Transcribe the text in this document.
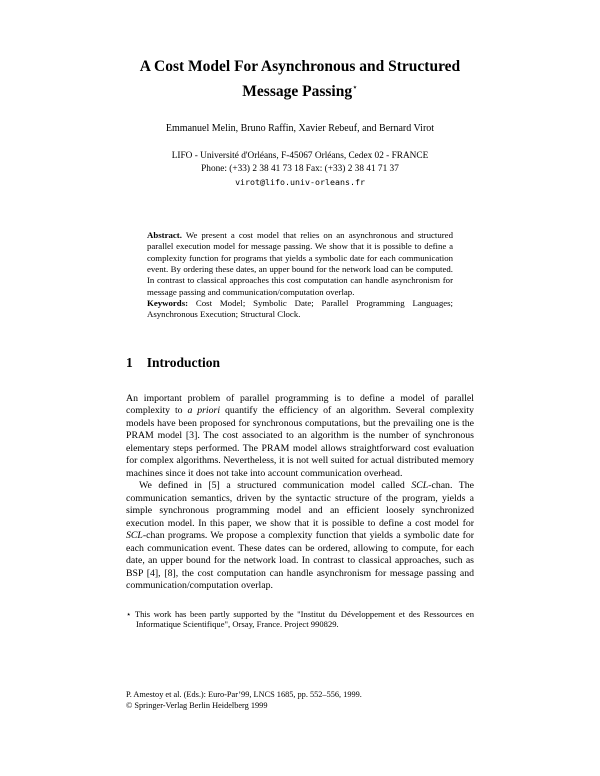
A Cost Model For Asynchronous and Structured
Message Passing⋆
Emmanuel Melin, Bruno Raffin, Xavier Rebeuf, and Bernard Virot
LIFO - Université d'Orléans, F-45067 Orléans, Cedex 02 - FRANCE
Phone: (+33) 2 38 41 73 18 Fax: (+33) 2 38 41 71 37
virot@lifo.univ-orleans.fr
Abstract. We present a cost model that relies on an asynchronous and structured parallel execution model for message passing. We show that it is possible to define a complexity function for programs that yields a symbolic date for each communication event. By ordering these dates, an upper bound for the network load can be computed. In contrast to classical approaches this cost computation can handle asynchronism for message passing and communication/computation overlap.
Keywords: Cost Model; Symbolic Date; Parallel Programming Languages; Asynchronous Execution; Structural Clock.
1 Introduction

An important problem of parallel programming is to define a model of parallel complexity to a priori quantify the efficiency of an algorithm. Several complexity models have been proposed for synchronous computations, but the prevailing one is the PRAM model [3]. The cost associated to an algorithm is the number of synchronous elementary steps performed. The PRAM model allows straightforward cost evaluation for complex algorithms. Nevertheless, it is not well suited for actual distributed memory machines since it does not take into account communication overhead.

We defined in [5] a structured communication model called SCL-chan. The communication semantics, driven by the syntactic structure of the program, yields a simple synchronous programming model and an efficient loosely synchronized execution model. In this paper, we show that it is possible to define a cost model for SCL-chan programs. We propose a complexity function that yields a symbolic date for each communication event. These dates can be ordered, allowing to compute, for each date, an upper bound for the network load. In contrast to classical approaches, such as BSP [4], [8], the cost computation can handle asynchronism for message passing and communication/computation overlap.

⋆ This work has been partly supported by the "Institut du Développement et des Ressources en Informatique Scientifique", Orsay, France. Project 990829.
P. Amestoy et al. (Eds.): Euro-Par’99, LNCS 1685, pp. 552–556, 1999.
© Springer-Verlag Berlin Heidelberg 1999
